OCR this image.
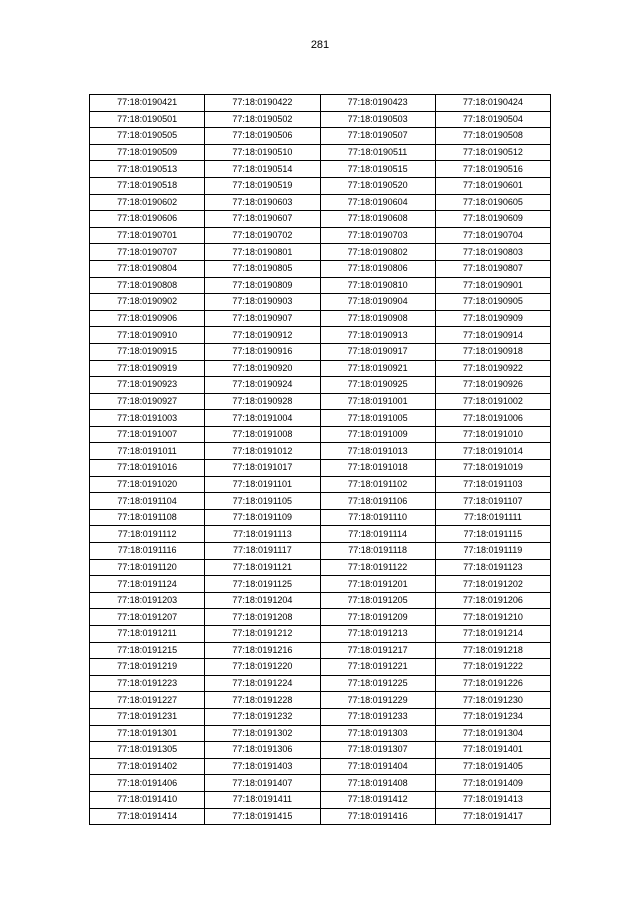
281
77:18:0190421	77:18:0190422	77:18:0190423	77:18:0190424
77:18:0190501	77:18:0190502	77:18:0190503	77:18:0190504
77:18:0190505	77:18:0190506	77:18:0190507	77:18:0190508
77:18:0190509	77:18:0190510	77:18:0190511	77:18:0190512
77:18:0190513	77:18:0190514	77:18:0190515	77:18:0190516
77:18:0190518	77:18:0190519	77:18:0190520	77:18:0190601
77:18:0190602	77:18:0190603	77:18:0190604	77:18:0190605
77:18:0190606	77:18:0190607	77:18:0190608	77:18:0190609
77:18:0190701	77:18:0190702	77:18:0190703	77:18:0190704
77:18:0190707	77:18:0190801	77:18:0190802	77:18:0190803
77:18:0190804	77:18:0190805	77:18:0190806	77:18:0190807
77:18:0190808	77:18:0190809	77:18:0190810	77:18:0190901
77:18:0190902	77:18:0190903	77:18:0190904	77:18:0190905
77:18:0190906	77:18:0190907	77:18:0190908	77:18:0190909
77:18:0190910	77:18:0190912	77:18:0190913	77:18:0190914
77:18:0190915	77:18:0190916	77:18:0190917	77:18:0190918
77:18:0190919	77:18:0190920	77:18:0190921	77:18:0190922
77:18:0190923	77:18:0190924	77:18:0190925	77:18:0190926
77:18:0190927	77:18:0190928	77:18:0191001	77:18:0191002
77:18:0191003	77:18:0191004	77:18:0191005	77:18:0191006
77:18:0191007	77:18:0191008	77:18:0191009	77:18:0191010
77:18:0191011	77:18:0191012	77:18:0191013	77:18:0191014
77:18:0191016	77:18:0191017	77:18:0191018	77:18:0191019
77:18:0191020	77:18:0191101	77:18:0191102	77:18:0191103
77:18:0191104	77:18:0191105	77:18:0191106	77:18:0191107
77:18:0191108	77:18:0191109	77:18:0191110	77:18:0191111
77:18:0191112	77:18:0191113	77:18:0191114	77:18:0191115
77:18:0191116	77:18:0191117	77:18:0191118	77:18:0191119
77:18:0191120	77:18:0191121	77:18:0191122	77:18:0191123
77:18:0191124	77:18:0191125	77:18:0191201	77:18:0191202
77:18:0191203	77:18:0191204	77:18:0191205	77:18:0191206
77:18:0191207	77:18:0191208	77:18:0191209	77:18:0191210
77:18:0191211	77:18:0191212	77:18:0191213	77:18:0191214
77:18:0191215	77:18:0191216	77:18:0191217	77:18:0191218
77:18:0191219	77:18:0191220	77:18:0191221	77:18:0191222
77:18:0191223	77:18:0191224	77:18:0191225	77:18:0191226
77:18:0191227	77:18:0191228	77:18:0191229	77:18:0191230
77:18:0191231	77:18:0191232	77:18:0191233	77:18:0191234
77:18:0191301	77:18:0191302	77:18:0191303	77:18:0191304
77:18:0191305	77:18:0191306	77:18:0191307	77:18:0191401
77:18:0191402	77:18:0191403	77:18:0191404	77:18:0191405
77:18:0191406	77:18:0191407	77:18:0191408	77:18:0191409
77:18:0191410	77:18:0191411	77:18:0191412	77:18:0191413
77:18:0191414	77:18:0191415	77:18:0191416	77:18:0191417
